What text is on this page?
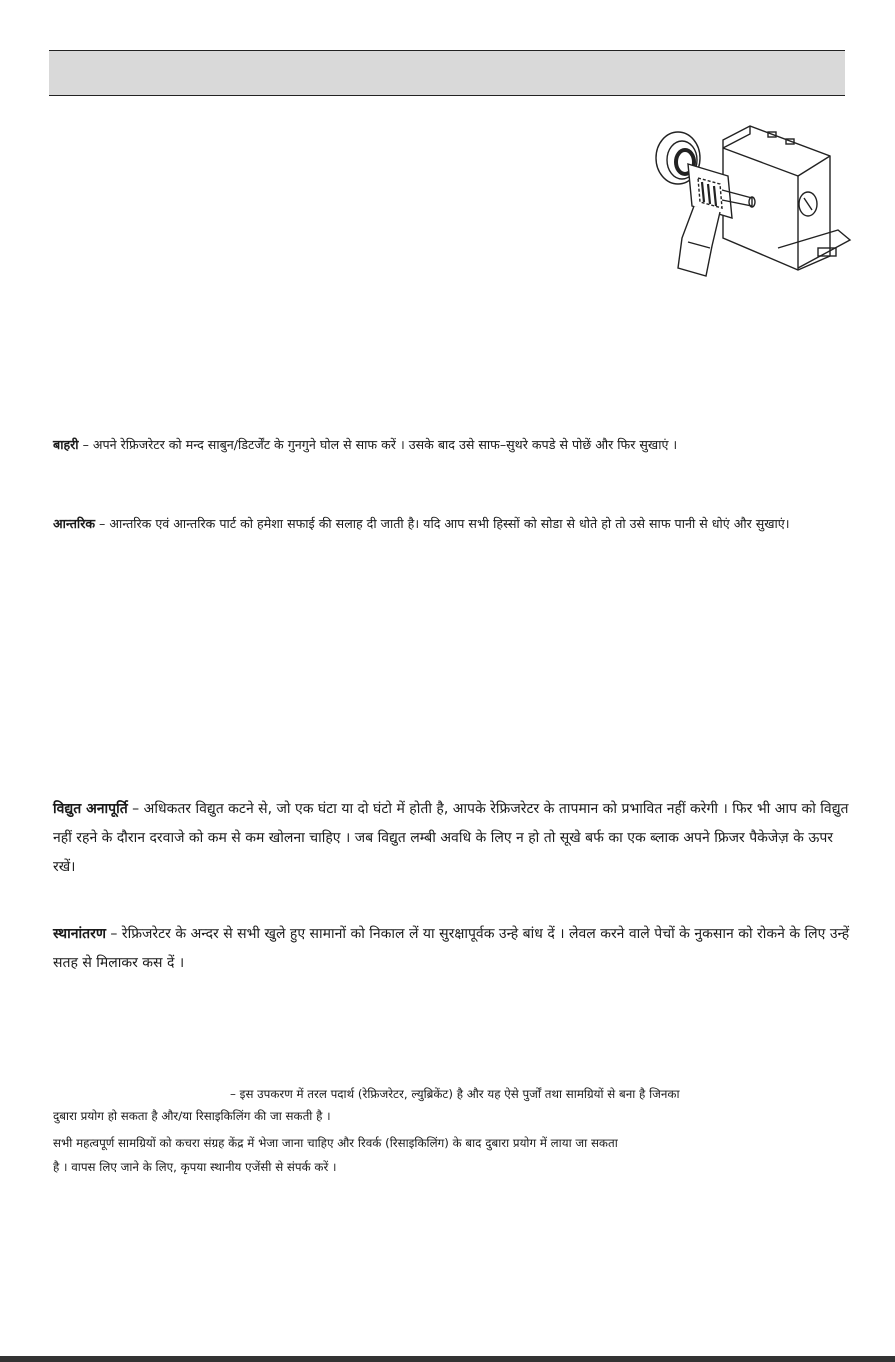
बाहरी – अपने रेफ्रिजरेटर को मन्द साबुन/डिटर्जेंट के गुनगुने घोल से साफ करें । उसके बाद उसे साफ–सुथरे कपडे से पोछें और फिर सुखाएं ।

आन्तरिक – आन्तरिक एवं आन्तरिक पार्ट को हमेशा सफाई की सलाह दी जाती है। यदि आप सभी हिस्सों को सोडा से धोते हो तो उसे साफ पानी से धोएं और सुखाएं।

विद्युत अनापूर्ति – अधिकतर विद्युत कटने से, जो एक घंटा या दो घंटो में होती है, आपके रेफ्रिजरेटर के तापमान को प्रभावित नहीं करेगी । फिर भी आप को विद्युत नहीं रहने के दौरान दरवाजे को कम से कम खोलना चाहिए । जब विद्युत लम्बी अवधि के लिए न हो तो सूखे बर्फ का एक ब्लाक अपने फ्रिजर पैकेजेज़ के ऊपर रखें।

स्थानांतरण – रेफ्रिजरेटर के अन्दर से सभी खुले हुए सामानों को निकाल लें या सुरक्षापूर्वक उन्हे बांध दें । लेवल करने वाले पेचों के नुकसान को रोकने के लिए उन्हें सतह से मिलाकर कस दें ।

– इस उपकरण में तरल पदार्थ (रेफ्रिजरेटर, ल्युब्रिकेंट) है और यह ऐसे पुर्जों तथा सामग्रियों से बना है जिनका
दुबारा प्रयोग हो सकता है और/या रिसाइकिलिंग की जा सकती है ।
सभी महत्वपूर्ण सामग्रियों को कचरा संग्रह केंद्र में भेजा जाना चाहिए और रिवर्क (रिसाइकिलिंग) के बाद दुबारा प्रयोग में लाया जा सकता
है । वापस लिए जाने के लिए, कृपया स्थानीय एजेंसी से संपर्क करें ।
